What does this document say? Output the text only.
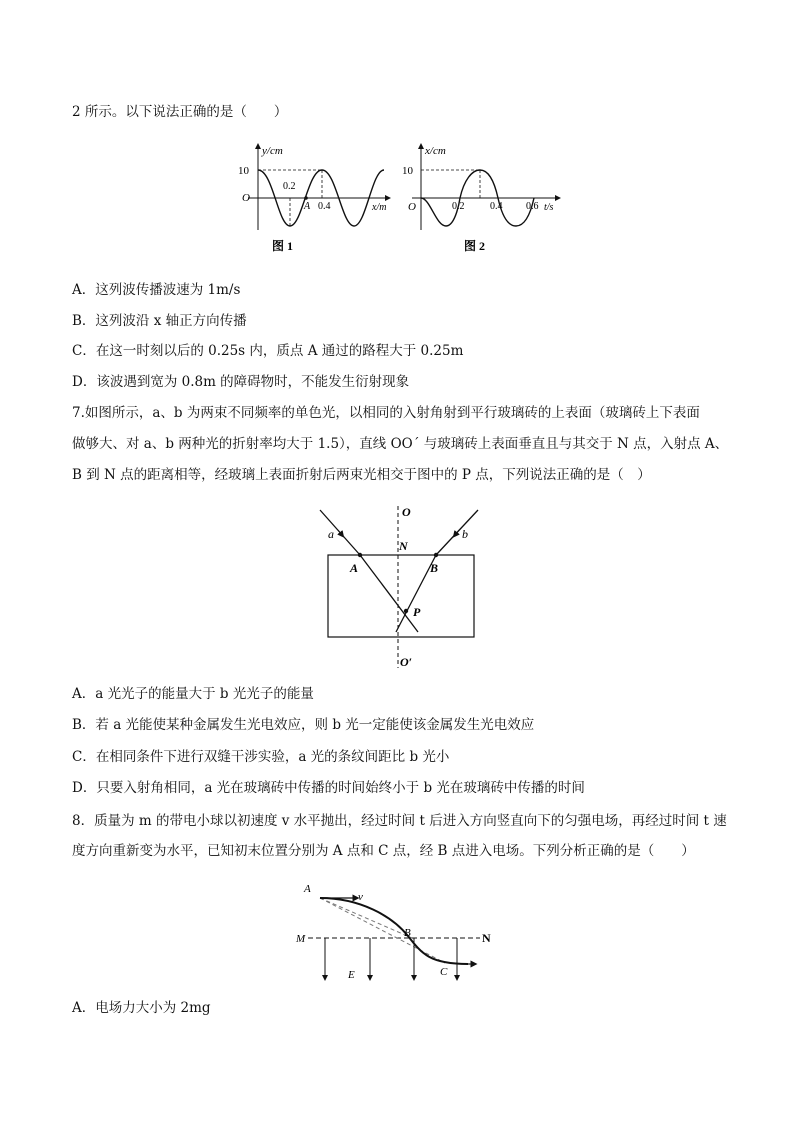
2 所示。以下说法正确的是（　　）
y/cm
10
O
0.2
0.4
A	x/m
图 1
x/cm
10
O	0.2	0.4 0.6 t/s
图 2
A．这列波传播波速为 1m/s
B．这列波沿 x 轴正方向传播
C．在这一时刻以后的 0.25s 内，质点 A 通过的路程大于 0.25m
D．该波遇到宽为 0.8m 的障碍物时，不能发生衍射现象
7.如图所示，a、b 为两束不同频率的单色光，以相同的入射角射到平行玻璃砖的上表面（玻璃砖上下表面
做够大、对 a、b 两种光的折射率均大于 1.5），直线 OO´ 与玻璃砖上表面垂直且与其交于 N 点，入射点 A、
B 到 N 点的距离相等，经玻璃上表面折射后两束光相交于图中的 P 点，下列说法正确的是（　）
O
N
A	B
P
O′
a	b
A．a 光光子的能量大于 b 光光子的能量
B．若 a 光能使某种金属发生光电效应，则 b 光一定能使该金属发生光电效应
C．在相同条件下进行双缝干涉实验，a 光的条纹间距比 b 光小
D．只要入射角相同，a 光在玻璃砖中传播的时间始终小于 b 光在玻璃砖中传播的时间
8．质量为 m 的带电小球以初速度 v 水平抛出，经过时间 t 后进入方向竖直向下的匀强电场，再经过时间 t 速
度方向重新变为水平，已知初末位置分别为 A 点和 C 点，经 B 点进入电场。下列分析正确的是（　　）
A
v
M	B	N
E	C
A．电场力大小为 2mg
